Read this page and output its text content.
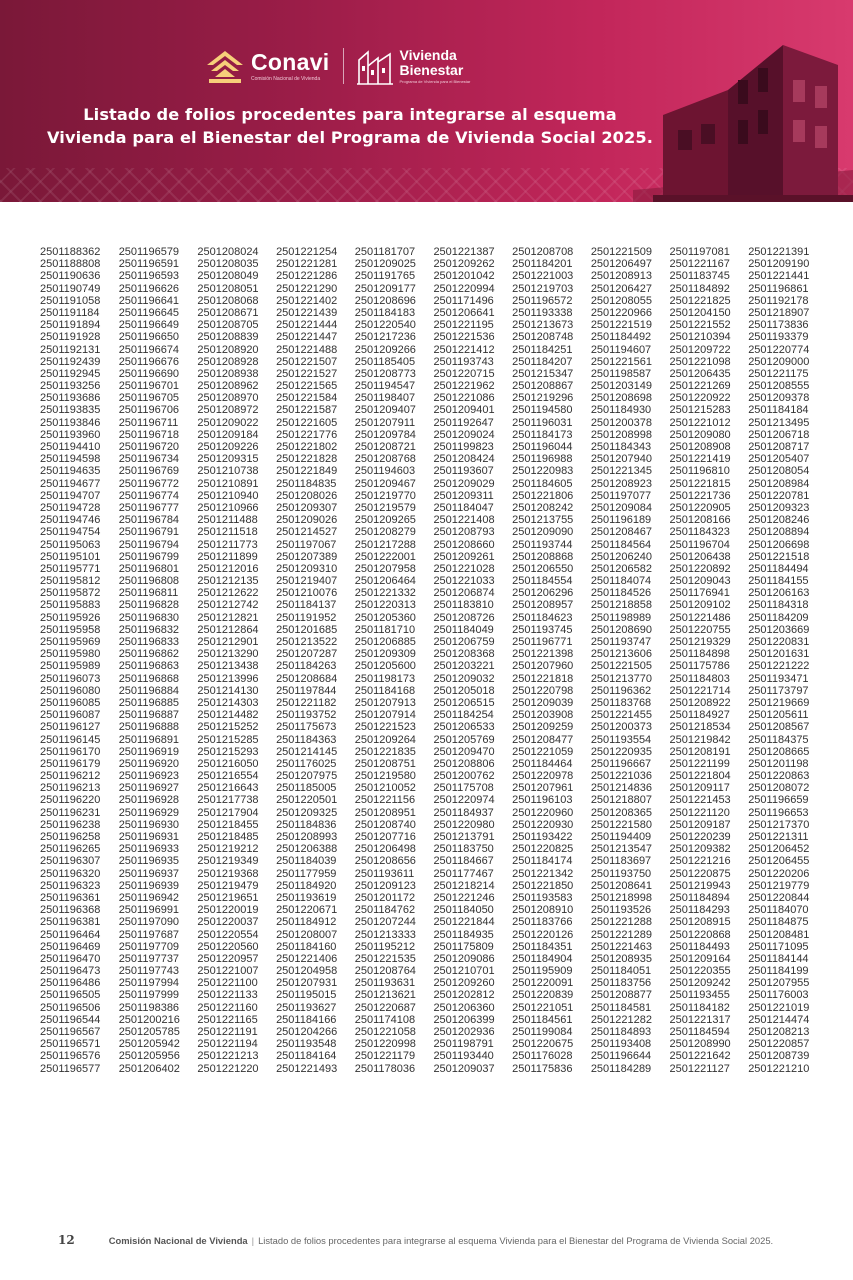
Conavi
Comisión Nacional de Vivienda
Vivienda
Bienestar
Programa de Vivienda para el Bienestar
Listado de folios procedentes para integrarse al esquema
Vivienda para el Bienestar del Programa de Vivienda Social 2025.
2501188362	2501196579	2501208024	2501221254	2501181707	2501221387	2501208708	2501221509	2501197081	2501221391
2501188808	2501196591	2501208035	2501221281	2501209025	2501209262	2501184201	2501206497	2501221167	2501209190
2501190636	2501196593	2501208049	2501221286	2501191765	2501201042	2501221003	2501208913	2501183745	2501221441
2501190749	2501196626	2501208051	2501221290	2501209177	2501220994	2501219703	2501206427	2501184892	2501196861
2501191058	2501196641	2501208068	2501221402	2501208696	2501171496	2501196572	2501208055	2501221825	2501192178
2501191184	2501196645	2501208671	2501221439	2501184183	2501206641	2501193338	2501220966	2501204150	2501218907
2501191894	2501196649	2501208705	2501221444	2501220540	2501221195	2501213673	2501221519	2501221552	2501173836
2501191928	2501196650	2501208839	2501221447	2501217236	2501221536	2501208748	2501184492	2501210394	2501193379
2501192131	2501196674	2501208920	2501221488	2501209266	2501221412	2501184251	2501194607	2501209722	2501220774
2501192439	2501196676	2501208928	2501221507	2501185405	2501193743	2501184207	2501221561	2501221098	2501209000
2501192945	2501196690	2501208938	2501221527	2501208773	2501220715	2501215347	2501198587	2501206435	2501221175
2501193256	2501196701	2501208962	2501221565	2501194547	2501221962	2501208867	2501203149	2501221269	2501208555
2501193686	2501196705	2501208970	2501221584	2501198407	2501221086	2501219296	2501208698	2501220922	2501209378
2501193835	2501196706	2501208972	2501221587	2501209407	2501209401	2501194580	2501184930	2501215283	2501184184
2501193846	2501196711	2501209022	2501221605	2501207911	2501192647	2501196031	2501200378	2501221012	2501213495
2501193960	2501196718	2501209184	2501221776	2501209784	2501209024	2501184173	2501208998	2501209080	2501206718
2501194410	2501196720	2501209226	2501221802	2501208721	2501199823	2501196044	2501184343	2501208908	2501208717
2501194598	2501196734	2501209315	2501221828	2501208768	2501208424	2501196988	2501207940	2501221419	2501205407
2501194635	2501196769	2501210738	2501221849	2501194603	2501193607	2501220983	2501221345	2501196810	2501208054
2501194677	2501196772	2501210891	2501184835	2501209467	2501209029	2501184605	2501208923	2501221815	2501208984
2501194707	2501196774	2501210940	2501208026	2501219770	2501209311	2501221806	2501197077	2501221736	2501220781
2501194728	2501196777	2501210966	2501209307	2501219579	2501184047	2501208242	2501209084	2501220905	2501209323
2501194746	2501196784	2501211488	2501209026	2501209265	2501221408	2501213755	2501196189	2501208166	2501208246
2501194754	2501196791	2501211518	2501214527	2501208279	2501208793	2501209090	2501208467	2501184323	2501208894
2501195063	2501196794	2501211773	2501197067	2501217288	2501208660	2501193744	2501184564	2501196704	2501206698
2501195101	2501196799	2501211899	2501207389	2501222001	2501209261	2501208868	2501206240	2501206438	2501221518
2501195771	2501196801	2501212016	2501209310	2501207958	2501221028	2501206550	2501206582	2501220892	2501184494
2501195812	2501196808	2501212135	2501219407	2501206464	2501221033	2501184554	2501184074	2501209043	2501184155
2501195872	2501196811	2501212622	2501210076	2501221332	2501206874	2501206296	2501184526	2501176941	2501206163
2501195883	2501196828	2501212742	2501184137	2501220313	2501183810	2501208957	2501218858	2501209102	2501184318
2501195926	2501196830	2501212821	2501191952	2501205360	2501208726	2501184623	2501198989	2501221486	2501184209
2501195958	2501196832	2501212864	2501201685	2501181710	2501184049	2501193745	2501208690	2501220755	2501203669
2501195969	2501196833	2501212901	2501213522	2501206885	2501206759	2501196771	2501193747	2501219329	2501220831
2501195980	2501196862	2501213290	2501207287	2501209309	2501208368	2501221398	2501213606	2501184898	2501201631
2501195989	2501196863	2501213438	2501184263	2501205600	2501203221	2501207960	2501221505	2501175786	2501221222
2501196073	2501196868	2501213996	2501208684	2501198173	2501209032	2501221818	2501213770	2501184803	2501193471
2501196080	2501196884	2501214130	2501197844	2501184168	2501205018	2501220798	2501196362	2501221714	2501173797
2501196085	2501196885	2501214303	2501221182	2501207913	2501206515	2501209039	2501183768	2501208922	2501219669
2501196087	2501196887	2501214482	2501193752	2501207914	2501184254	2501203908	2501221455	2501184927	2501205611
2501196127	2501196888	2501215252	2501175673	2501221523	2501206533	2501209259	2501200373	2501218534	2501208567
2501196145	2501196891	2501215285	2501184363	2501209264	2501205769	2501208477	2501193554	2501219842	2501184375
2501196170	2501196919	2501215293	2501214145	2501221835	2501209470	2501221059	2501220935	2501208191	2501208665
2501196179	2501196920	2501216050	2501176025	2501208751	2501208806	2501184464	2501196667	2501221199	2501201198
2501196212	2501196923	2501216554	2501207975	2501219580	2501200762	2501220978	2501221036	2501221804	2501220863
2501196213	2501196927	2501216643	2501185005	2501210052	2501175708	2501207961	2501214836	2501209117	2501208072
2501196220	2501196928	2501217738	2501220501	2501221156	2501220974	2501196103	2501218807	2501221453	2501196659
2501196231	2501196929	2501217904	2501209325	2501208951	2501184937	2501220960	2501208365	2501221120	2501196653
2501196238	2501196930	2501218455	2501184836	2501208740	2501220980	2501220930	2501221580	2501209187	2501217370
2501196258	2501196931	2501218485	2501208993	2501207716	2501213791	2501193422	2501194409	2501220239	2501221311
2501196265	2501196933	2501219212	2501206388	2501206498	2501183750	2501220825	2501213547	2501209382	2501206452
2501196307	2501196935	2501219349	2501184039	2501208656	2501184667	2501184174	2501183697	2501221216	2501206455
2501196320	2501196937	2501219368	2501177959	2501193611	2501177467	2501221342	2501193750	2501220875	2501220206
2501196323	2501196939	2501219479	2501184920	2501209123	2501218214	2501221850	2501208641	2501219943	2501219779
2501196361	2501196942	2501219651	2501193619	2501201172	2501221246	2501193583	2501218998	2501184894	2501220844
2501196368	2501196991	2501220019	2501220671	2501184762	2501184050	2501208910	2501193526	2501184293	2501184070
2501196381	2501197090	2501220037	2501184912	2501207244	2501221844	2501183766	2501221288	2501208915	2501184875
2501196464	2501197687	2501220554	2501208007	2501213333	2501184935	2501220126	2501221289	2501220868	2501208481
2501196469	2501197709	2501220560	2501184160	2501195212	2501175809	2501184351	2501221463	2501184493	2501171095
2501196470	2501197737	2501220957	2501221406	2501221535	2501209086	2501184904	2501208935	2501209164	2501184144
2501196473	2501197743	2501221007	2501204958	2501208764	2501210701	2501195909	2501184051	2501220355	2501184199
2501196486	2501197994	2501221100	2501207931	2501193631	2501209260	2501220091	2501183756	2501209242	2501207955
2501196505	2501197999	2501221133	2501195015	2501213621	2501202812	2501220839	2501208877	2501193455	2501176003
2501196506	2501198386	2501221160	2501193627	2501220687	2501206360	2501221051	2501184581	2501184182	2501221019
2501196544	2501200216	2501221165	2501184166	2501174108	2501206399	2501184561	2501221282	2501221317	2501214474
2501196567	2501205785	2501221191	2501204266	2501221058	2501202936	2501199084	2501184893	2501184594	2501208213
2501196571	2501205942	2501221194	2501193548	2501220998	2501198791	2501220675	2501193408	2501208990	2501220857
2501196576	2501205956	2501221213	2501184164	2501221179	2501193440	2501176028	2501196644	2501221642	2501208739
2501196577	2501206402	2501221220	2501221493	2501178036	2501209037	2501175836	2501184289	2501221127	2501221210
12	Comisión Nacional de Vivienda | Listado de folios procedentes para integrarse al esquema Vivienda para el Bienestar del Programa de Vivienda Social 2025.
